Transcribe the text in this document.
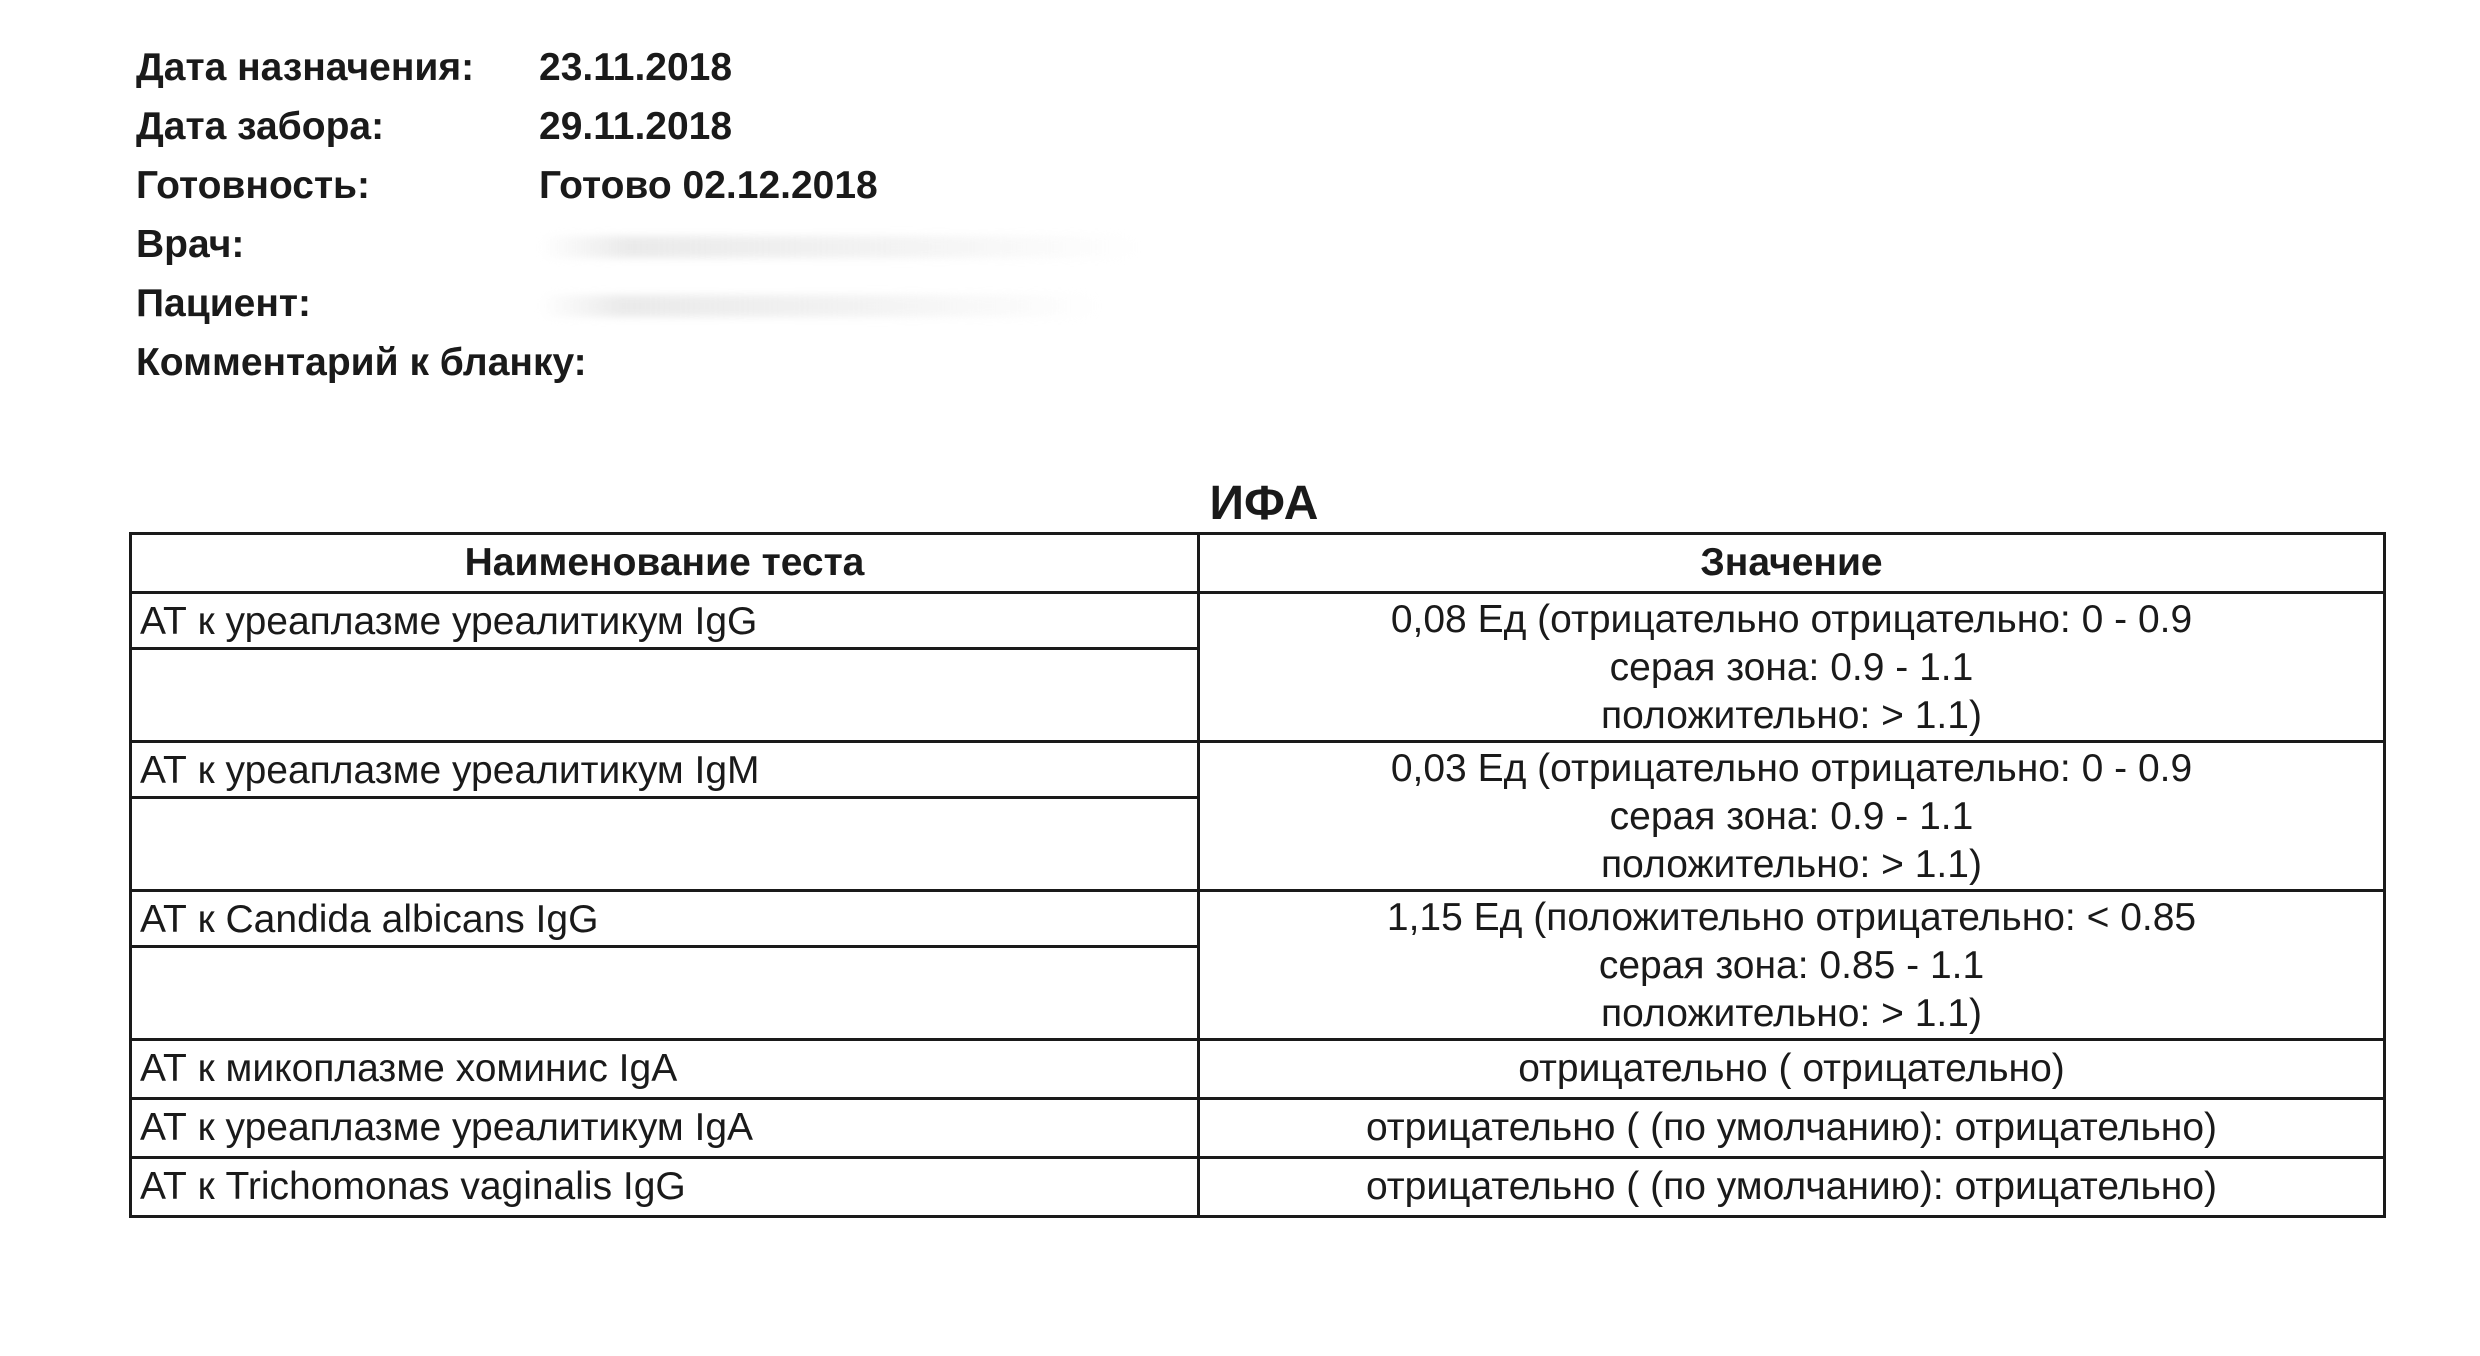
Дата назначения:	23.11.2018
Дата забора:	29.11.2018
Готовность:	Готово 02.12.2018
Врач:
Пациент:
Комментарий к бланку:
ИФА
Наименование теста	Значение

АТ к уреаплазме уреалитикум IgG	0,08 Ед (отрицательно отрицательно: 0 - 0.9
серая зона: 0.9 - 1.1
положительно: > 1.1)

АТ к уреаплазме уреалитикум IgM	0,03 Ед (отрицательно отрицательно: 0 - 0.9
серая зона: 0.9 - 1.1
положительно: > 1.1)

АТ к Candida albicans IgG	1,15 Ед (положительно отрицательно: < 0.85
серая зона: 0.85 - 1.1
положительно: > 1.1)

АТ к микоплазме хоминис IgA	отрицательно ( отрицательно)

АТ к уреаплазме уреалитикум IgA	отрицательно ( (по умолчанию): отрицательно)

АТ к Trichomonas vaginalis IgG	отрицательно ( (по умолчанию): отрицательно)
